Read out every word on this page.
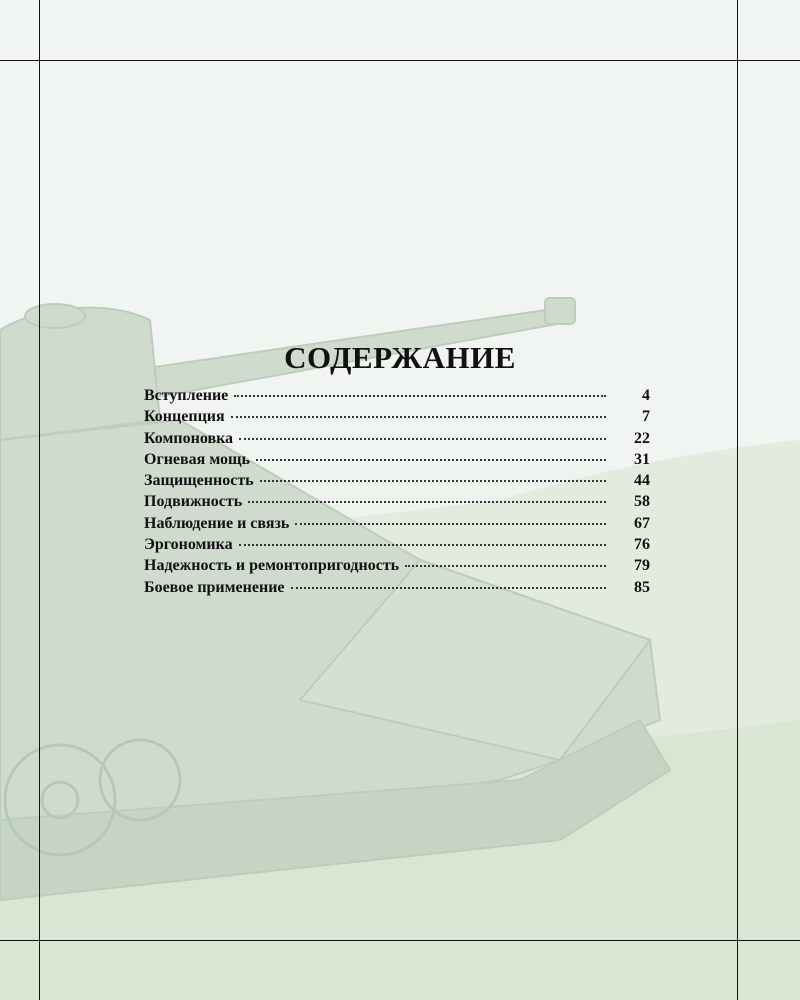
СОДЕРЖАНИЕ
Вступление	4
Концепция	7
Компоновка	22
Огневая мощь	31
Защищенность	44
Подвижность	58
Наблюдение и связь	67
Эргономика	76
Надежность и ремонтопригодность	79
Боевое применение	85
